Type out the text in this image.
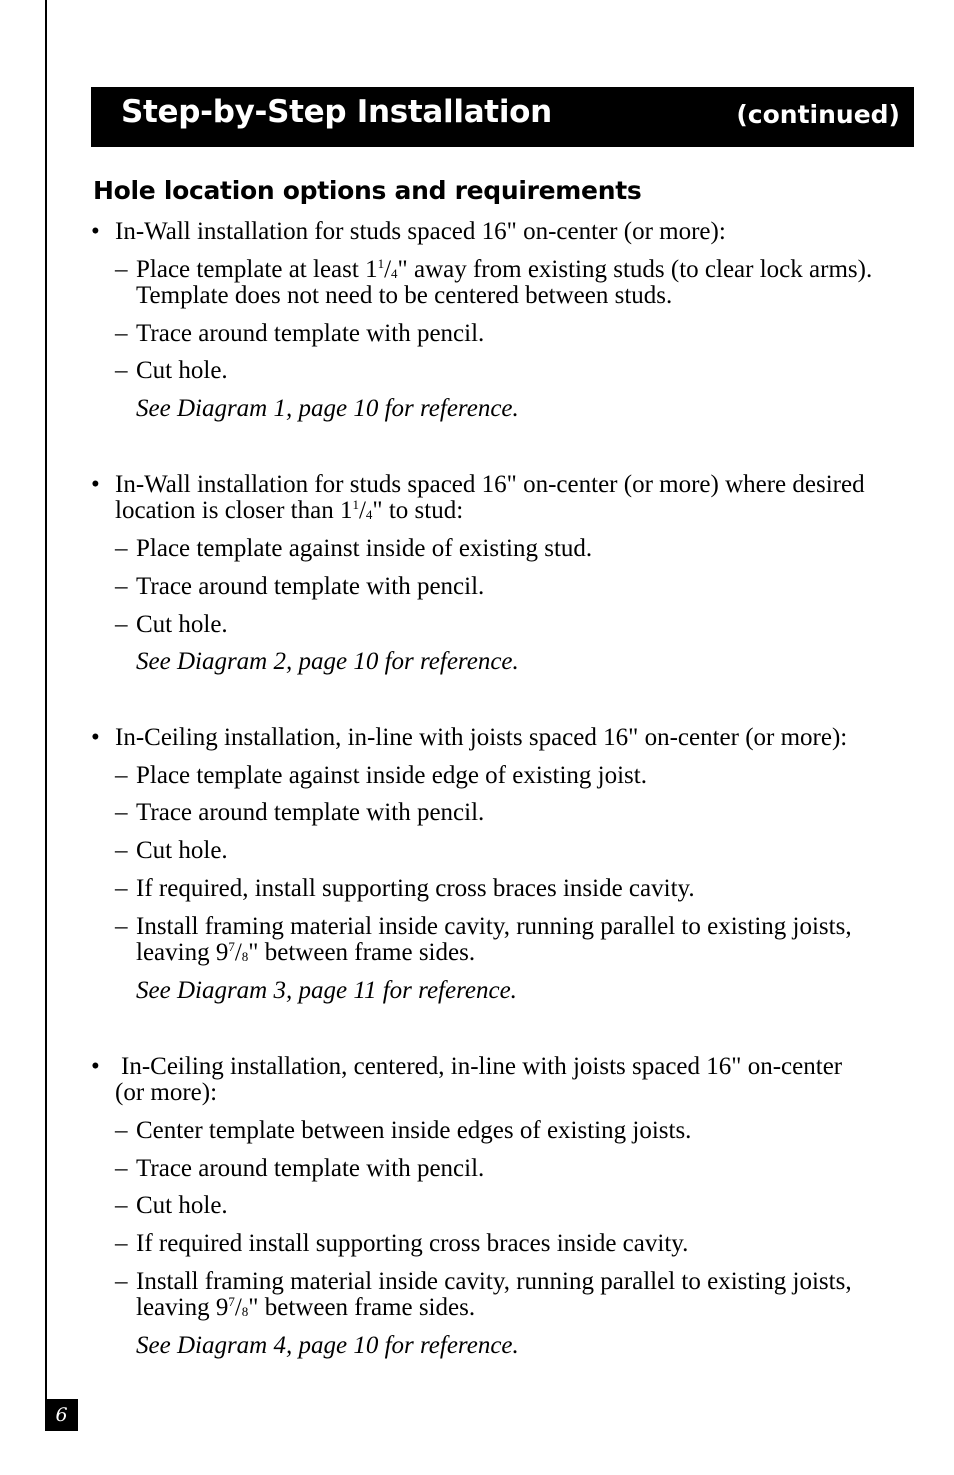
Step-by-Step Installation	(continued)
Hole location options and requirements
• In-Wall installation for studs spaced 16" on-center (or more):
– Place template at least $1^1/_4$" away from existing studs (to clear lock arms).
Template does not need to be centered between studs.
– Trace around template with pencil.
– Cut hole.
See Diagram 1, page 10 for reference.
• In-Wall installation for studs spaced 16" on-center (or more) where desired
location is closer than $1^1/_4$" to stud:
– Place template against inside of existing stud.
– Trace around template with pencil.
– Cut hole.
See Diagram 2, page 10 for reference.
• In-Ceiling installation, in-line with joists spaced 16" on-center (or more):
– Place template against inside edge of existing joist.
– Trace around template with pencil.
– Cut hole.
– If required, install supporting cross braces inside cavity.
– Install framing material inside cavity, running parallel to existing joists,
leaving $9^7/_8$" between frame sides.
See Diagram 3, page 11 for reference.
• In-Ceiling installation, centered, in-line with joists spaced 16" on-center
(or more):
– Center template between inside edges of existing joists.
– Trace around template with pencil.
– Cut hole.
– If required install supporting cross braces inside cavity.
– Install framing material inside cavity, running parallel to existing joists,
leaving $9^7/_8$" between frame sides.
See Diagram 4, page 10 for reference.
6
